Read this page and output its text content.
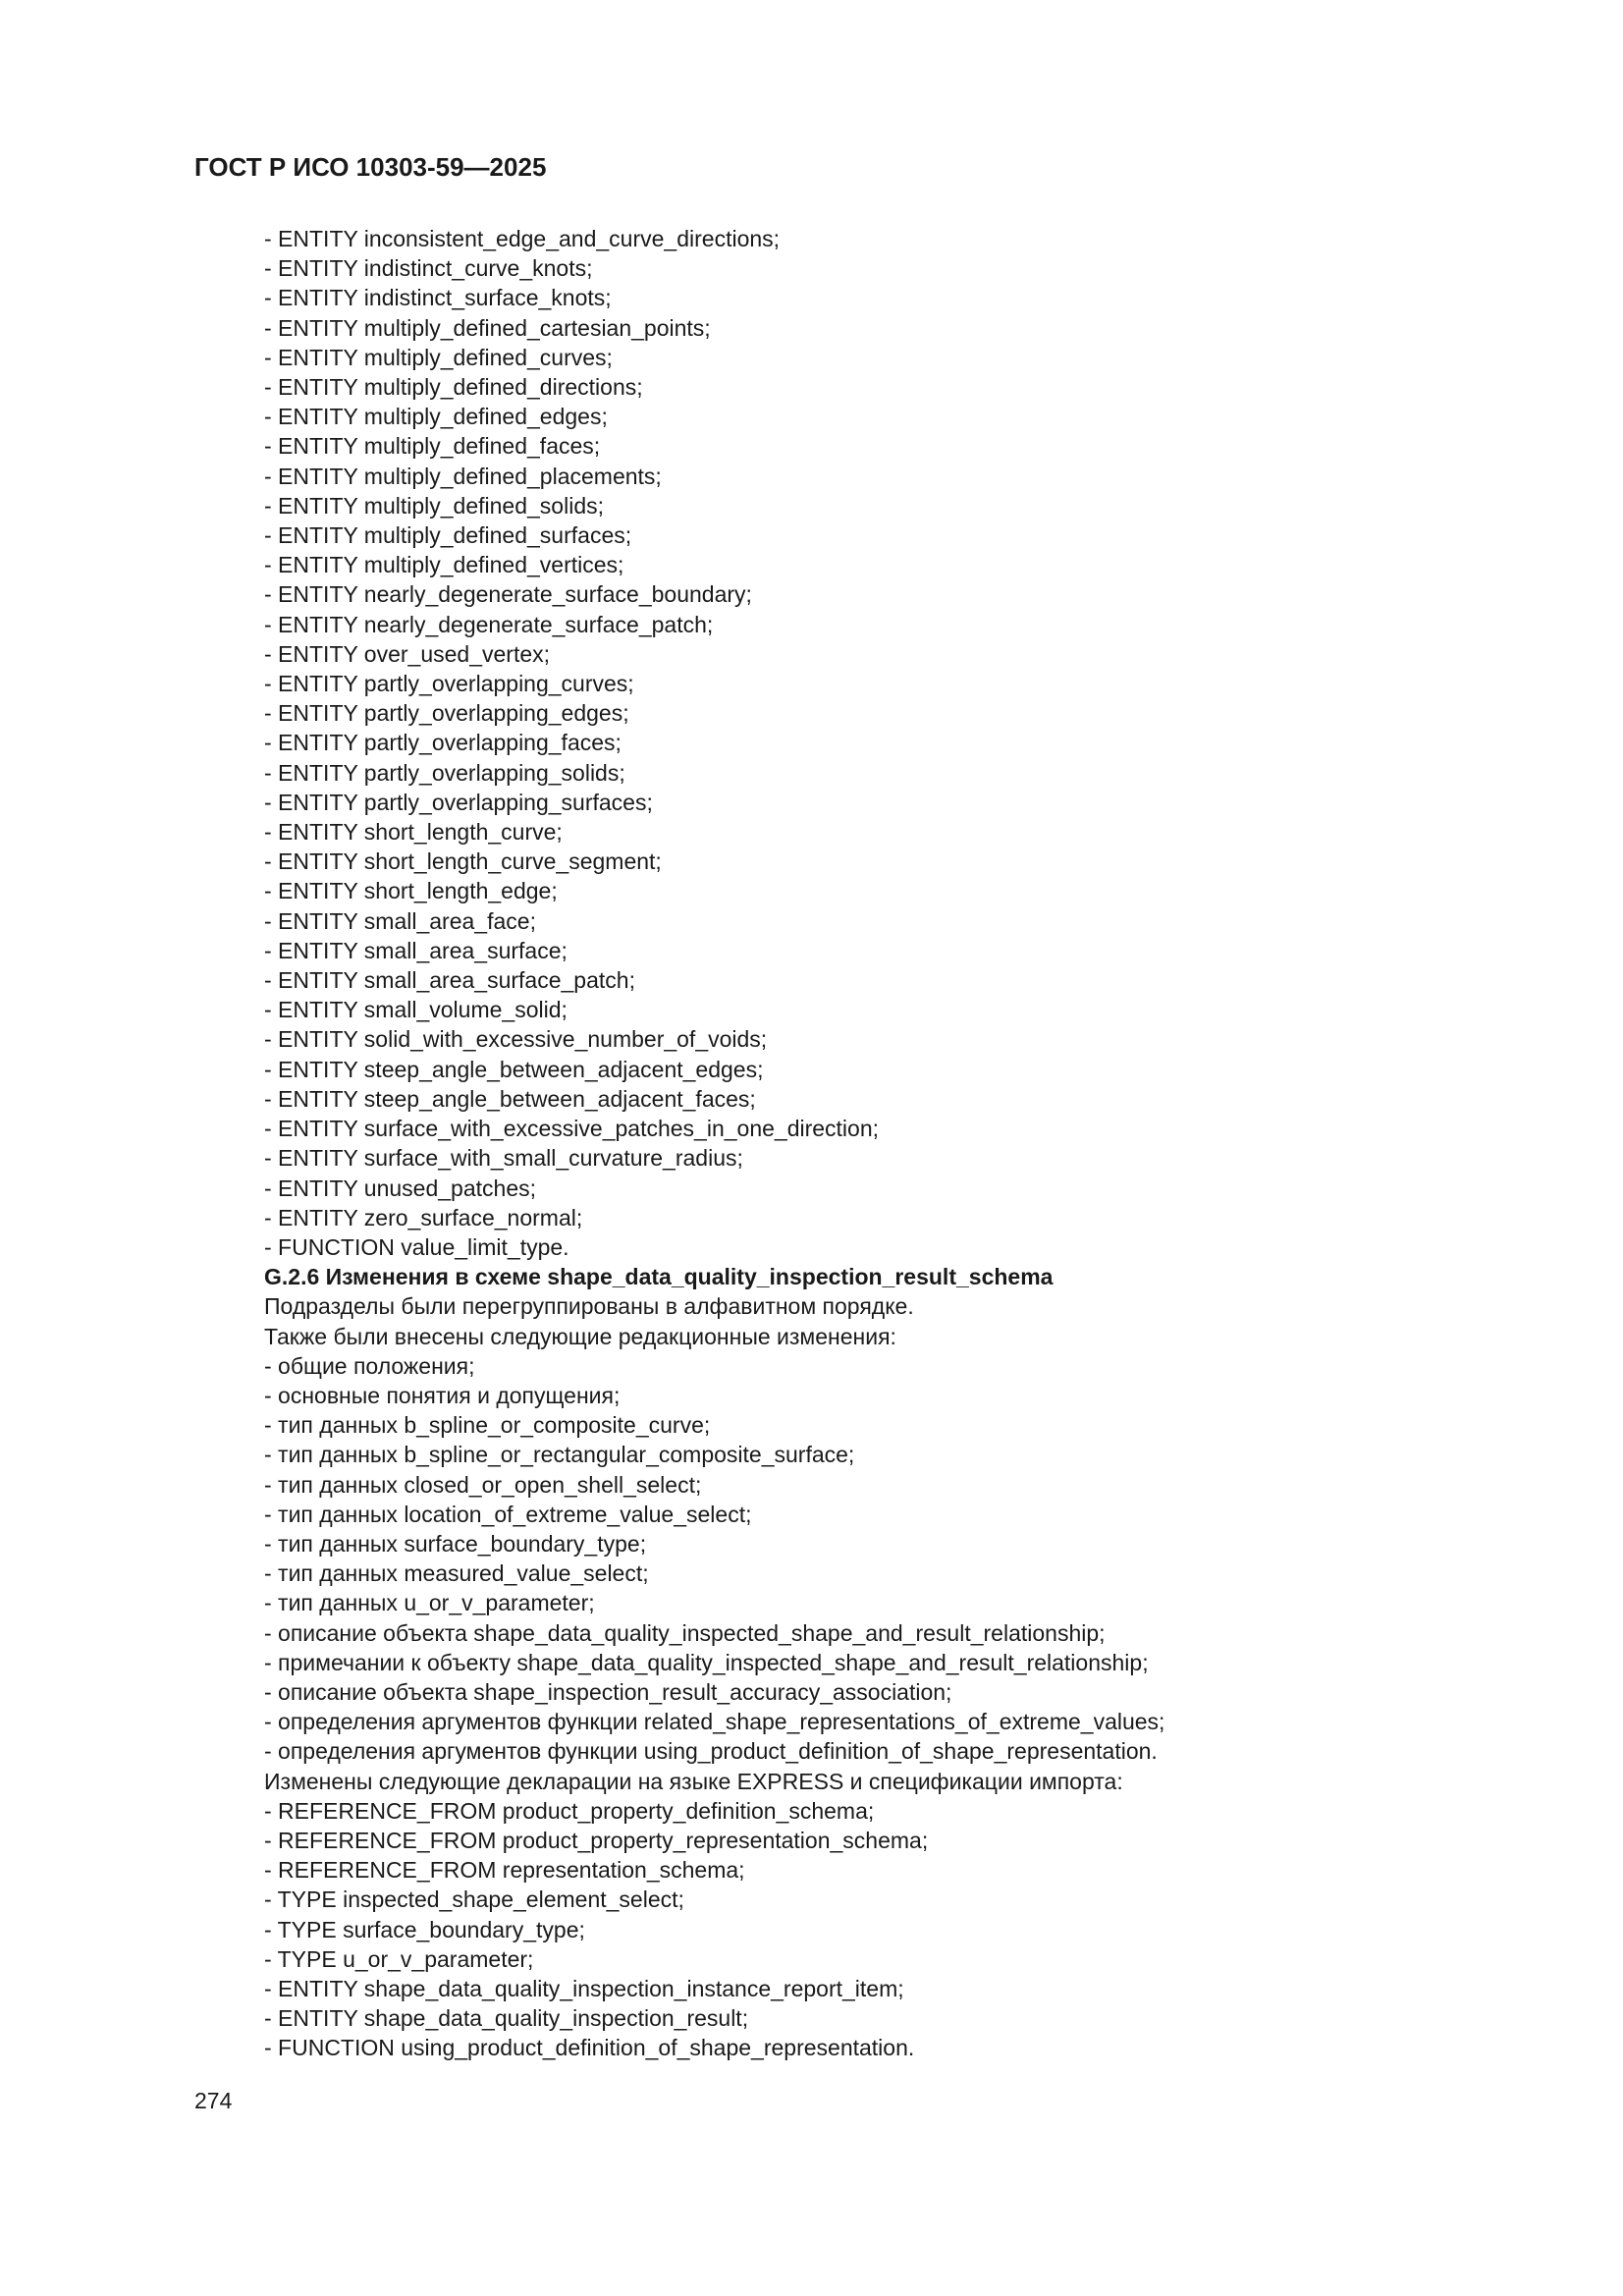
ГОСТ Р ИСО 10303-59—2025
- ENTITY inconsistent_edge_and_curve_directions;
- ENTITY indistinct_curve_knots;
- ENTITY indistinct_surface_knots;
- ENTITY multiply_defined_cartesian_points;
- ENTITY multiply_defined_curves;
- ENTITY multiply_defined_directions;
- ENTITY multiply_defined_edges;
- ENTITY multiply_defined_faces;
- ENTITY multiply_defined_placements;
- ENTITY multiply_defined_solids;
- ENTITY multiply_defined_surfaces;
- ENTITY multiply_defined_vertices;
- ENTITY nearly_degenerate_surface_boundary;
- ENTITY nearly_degenerate_surface_patch;
- ENTITY over_used_vertex;
- ENTITY partly_overlapping_curves;
- ENTITY partly_overlapping_edges;
- ENTITY partly_overlapping_faces;
- ENTITY partly_overlapping_solids;
- ENTITY partly_overlapping_surfaces;
- ENTITY short_length_curve;
- ENTITY short_length_curve_segment;
- ENTITY short_length_edge;
- ENTITY small_area_face;
- ENTITY small_area_surface;
- ENTITY small_area_surface_patch;
- ENTITY small_volume_solid;
- ENTITY solid_with_excessive_number_of_voids;
- ENTITY steep_angle_between_adjacent_edges;
- ENTITY steep_angle_between_adjacent_faces;
- ENTITY surface_with_excessive_patches_in_one_direction;
- ENTITY surface_with_small_curvature_radius;
- ENTITY unused_patches;
- ENTITY zero_surface_normal;
- FUNCTION value_limit_type.
G.2.6 Изменения в схеме shape_data_quality_inspection_result_schema
Подразделы были перегруппированы в алфавитном порядке.
Также были внесены следующие редакционные изменения:
- общие положения;
- основные понятия и допущения;
- тип данных b_spline_or_composite_curve;
- тип данных b_spline_or_rectangular_composite_surface;
- тип данных closed_or_open_shell_select;
- тип данных location_of_extreme_value_select;
- тип данных surface_boundary_type;
- тип данных measured_value_select;
- тип данных u_or_v_parameter;
- описание объекта shape_data_quality_inspected_shape_and_result_relationship;
- примечании к объекту shape_data_quality_inspected_shape_and_result_relationship;
- описание объекта shape_inspection_result_accuracy_association;
- определения аргументов функции related_shape_representations_of_extreme_values;
- определения аргументов функции using_product_definition_of_shape_representation.
Изменены следующие декларации на языке EXPRESS и спецификации импорта:
- REFERENCE_FROM product_property_definition_schema;
- REFERENCE_FROM product_property_representation_schema;
- REFERENCE_FROM representation_schema;
- TYPE inspected_shape_element_select;
- TYPE surface_boundary_type;
- TYPE u_or_v_parameter;
- ENTITY shape_data_quality_inspection_instance_report_item;
- ENTITY shape_data_quality_inspection_result;
- FUNCTION using_product_definition_of_shape_representation.
274
